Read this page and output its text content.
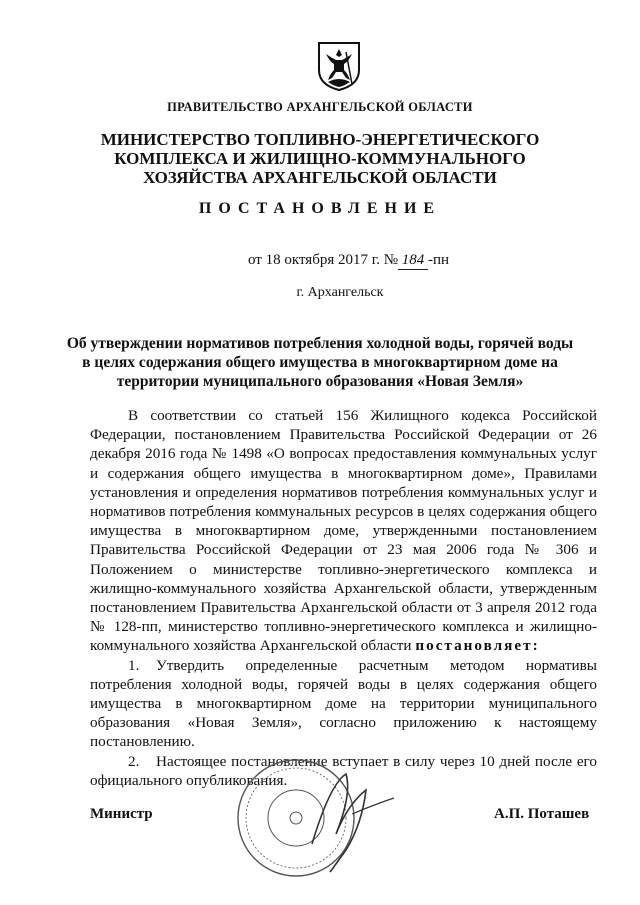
ПРАВИТЕЛЬСТВО АРХАНГЕЛЬСКОЙ ОБЛАСТИ
МИНИСТЕРСТВО ТОПЛИВНО-ЭНЕРГЕТИЧЕСКОГО
КОМПЛЕКСА И ЖИЛИЩНО-КОММУНАЛЬНОГО
ХОЗЯЙСТВА АРХАНГЕЛЬСКОЙ ОБЛАСТИ
ПОСТАНОВЛЕНИЕ
от 18 октября 2017 г. № 184 -пн
г. Архангельск
Об утверждении нормативов потребления холодной воды, горячей воды
в целях содержания общего имущества в многоквартирном доме на
территории муниципального образования «Новая Земля»

В соответствии со статьей 156 Жилищного кодекса Российской Федерации, постановлением Правительства Российской Федерации от 26 декабря 2016 года № 1498 «О вопросах предоставления коммунальных услуг и содержания общего имущества в многоквартирном доме», Правилами установления и определения нормативов потребления коммунальных услуг и нормативов потребления коммунальных ресурсов в целях содержания общего имущества в многоквартирном доме, утвержденными постановлением Правительства Российской Федерации от 23 мая 2006 года № 306 и Положением о министерстве топливно-энергетического комплекса и жилищно-коммунального хозяйства Архангельской области, утвержденным постановлением Правительства Архангельской области от 3 апреля 2012 года № 128-пп, министерство топливно-энергетического комплекса и жилищно-коммунального хозяйства Архангельской области постановляет:

1. Утвердить определенные расчетным методом нормативы потребления холодной воды, горячей воды в целях содержания общего имущества в многоквартирном доме на территории муниципального образования «Новая Земля», согласно приложению к настоящему постановлению.

2. Настоящее постановление вступает в силу через 10 дней после его официального опубликования.

Министр	А.П. Поташев
